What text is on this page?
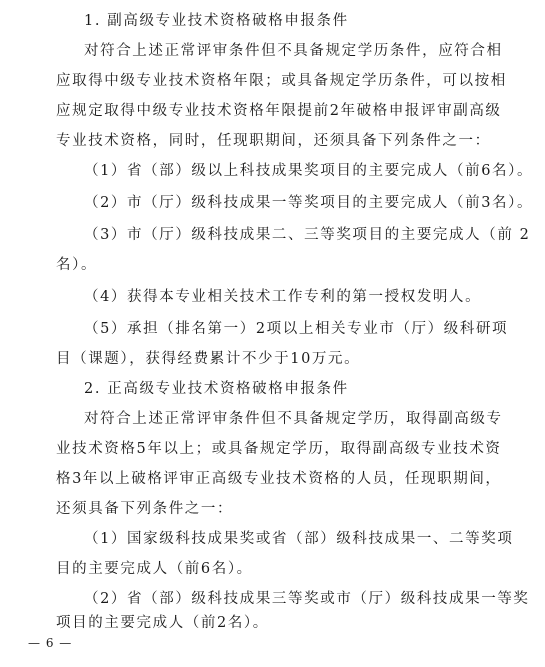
1. 副高级专业技术资格破格申报条件
对符合上述正常评审条件但不具备规定学历条件，应符合相
应取得中级专业技术资格年限；或具备规定学历条件，可以按相
应规定取得中级专业技术资格年限提前2年破格申报评审副高级
专业技术资格，同时，任现职期间，还须具备下列条件之一：
（1）省（部）级以上科技成果奖项目的主要完成人（前6名）。
（2）市（厅）级科技成果一等奖项目的主要完成人（前3名）。
（3）市（厅）级科技成果二、三等奖项目的主要完成人（前 2
名）。
（4）获得本专业相关技术工作专利的第一授权发明人。
（5）承担（排名第一）2项以上相关专业市（厅）级科研项
目（课题），获得经费累计不少于10万元。
2. 正高级专业技术资格破格申报条件
对符合上述正常评审条件但不具备规定学历，取得副高级专
业技术资格5年以上；或具备规定学历，取得副高级专业技术资
格3年以上破格评审正高级专业技术资格的人员，任现职期间，
还须具备下列条件之一：
（1）国家级科技成果奖或省（部）级科技成果一、二等奖项
目的主要完成人（前6名）。
（2）省（部）级科技成果三等奖或市（厅）级科技成果一等奖
项目的主要完成人（前2名）。
— 6 —
